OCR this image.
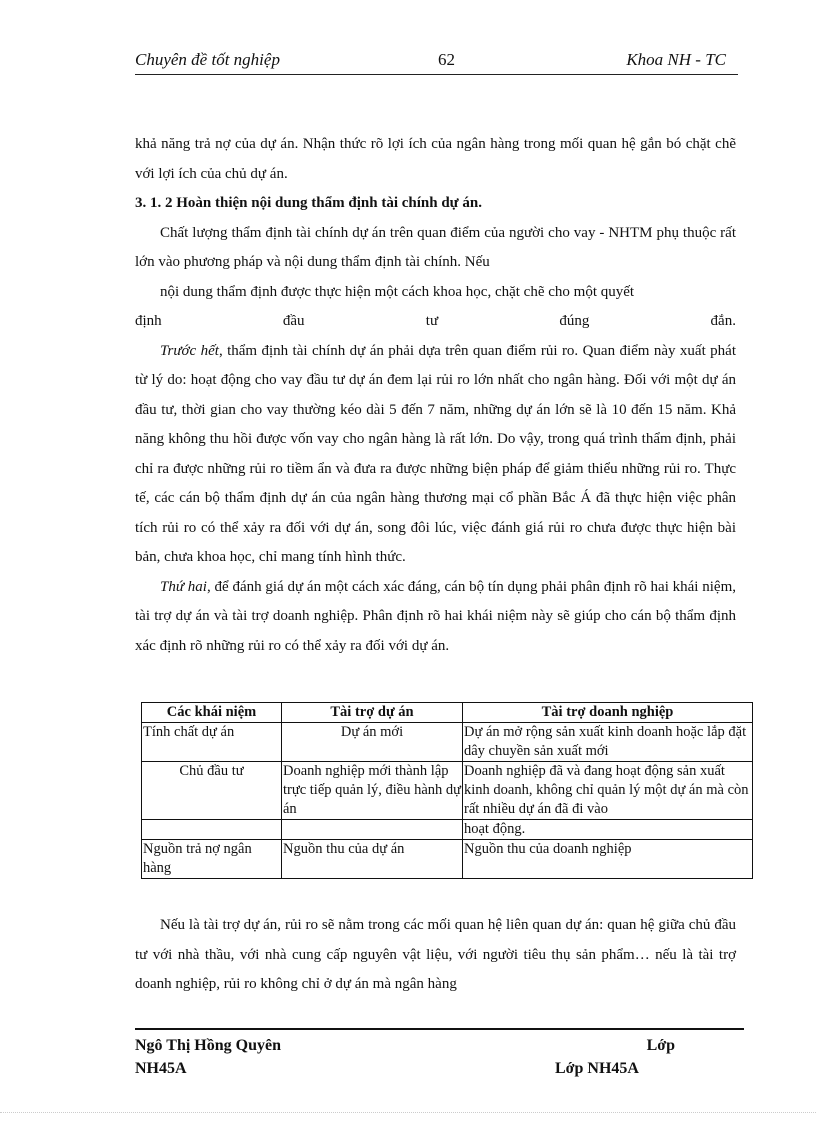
Chuyên đề tốt nghiệp	62	Khoa NH - TC

khả năng trả nợ của dự án. Nhận thức rõ lợi ích của ngân hàng trong mối quan hệ gắn bó chặt chẽ với lợi ích của chủ dự án.

3. 1. 2 Hoàn thiện nội dung thẩm định tài chính dự án.

Chất lượng thẩm định tài chính dự án trên quan điểm của người cho vay - NHTM phụ thuộc rất lớn vào phương pháp và nội dung thẩm định tài chính. Nếu

nội dung thẩm định được thực hiện một cách khoa học, chặt chẽ cho một quyết

định	đầu	tư	đúng	đắn.

Trước hết, thẩm định tài chính dự án phải dựa trên quan điểm rủi ro. Quan điểm này xuất phát từ lý do: hoạt động cho vay đầu tư dự án đem lại rủi ro lớn nhất cho ngân hàng. Đối với một dự án đầu tư, thời gian cho vay thường kéo dài 5 đến 7 năm, những dự án lớn sẽ là 10 đến 15 năm. Khả năng không thu hồi được vốn vay cho ngân hàng là rất lớn. Do vậy, trong quá trình thẩm định, phải chỉ ra được những rủi ro tiềm ẩn và đưa ra được những biện pháp để giảm thiểu những rủi ro. Thực tế, các cán bộ thẩm định dự án của ngân hàng thương mại cổ phần Bắc Á đã thực hiện việc phân tích rủi ro có thể xảy ra đối với dự án, song đôi lúc, việc đánh giá rủi ro chưa được thực hiện bài bản, chưa khoa học, chỉ mang tính hình thức.

Thứ hai, để đánh giá dự án một cách xác đáng, cán bộ tín dụng phải phân định rõ hai khái niệm, tài trợ dự án và tài trợ doanh nghiệp. Phân định rõ hai khái niệm này sẽ giúp cho cán bộ thẩm định xác định rõ những rủi ro có thể xảy ra đối với dự án.

Các khái niệm	Tài trợ dự án	Tài trợ doanh nghiệp
Tính chất dự án	Dự án mới	Dự án mở rộng sản xuất kinh doanh hoặc lắp đặt dây chuyền sản xuất mới
Chủ đầu tư	Doanh nghiệp mới thành lập trực tiếp quản lý, điều hành dự án	Doanh nghiệp đã và đang hoạt động sản xuất kinh doanh, không chỉ quản lý một dự án mà còn rất nhiều dự án đã đi vào
		hoạt động.
Nguồn trả nợ ngân hàng	Nguồn thu của dự án	Nguồn thu của doanh nghiệp

Nếu là tài trợ dự án, rủi ro sẽ nằm trong các mối quan hệ liên quan dự án: quan hệ giữa chủ đầu tư với nhà thầu, với nhà cung cấp nguyên vật liệu, với người tiêu thụ sản phẩm… nếu là tài trợ doanh nghiệp, rủi ro không chỉ ở dự án mà ngân hàng

Ngô Thị Hồng Quyên	Lớp
NH45A	Lớp NH45A
